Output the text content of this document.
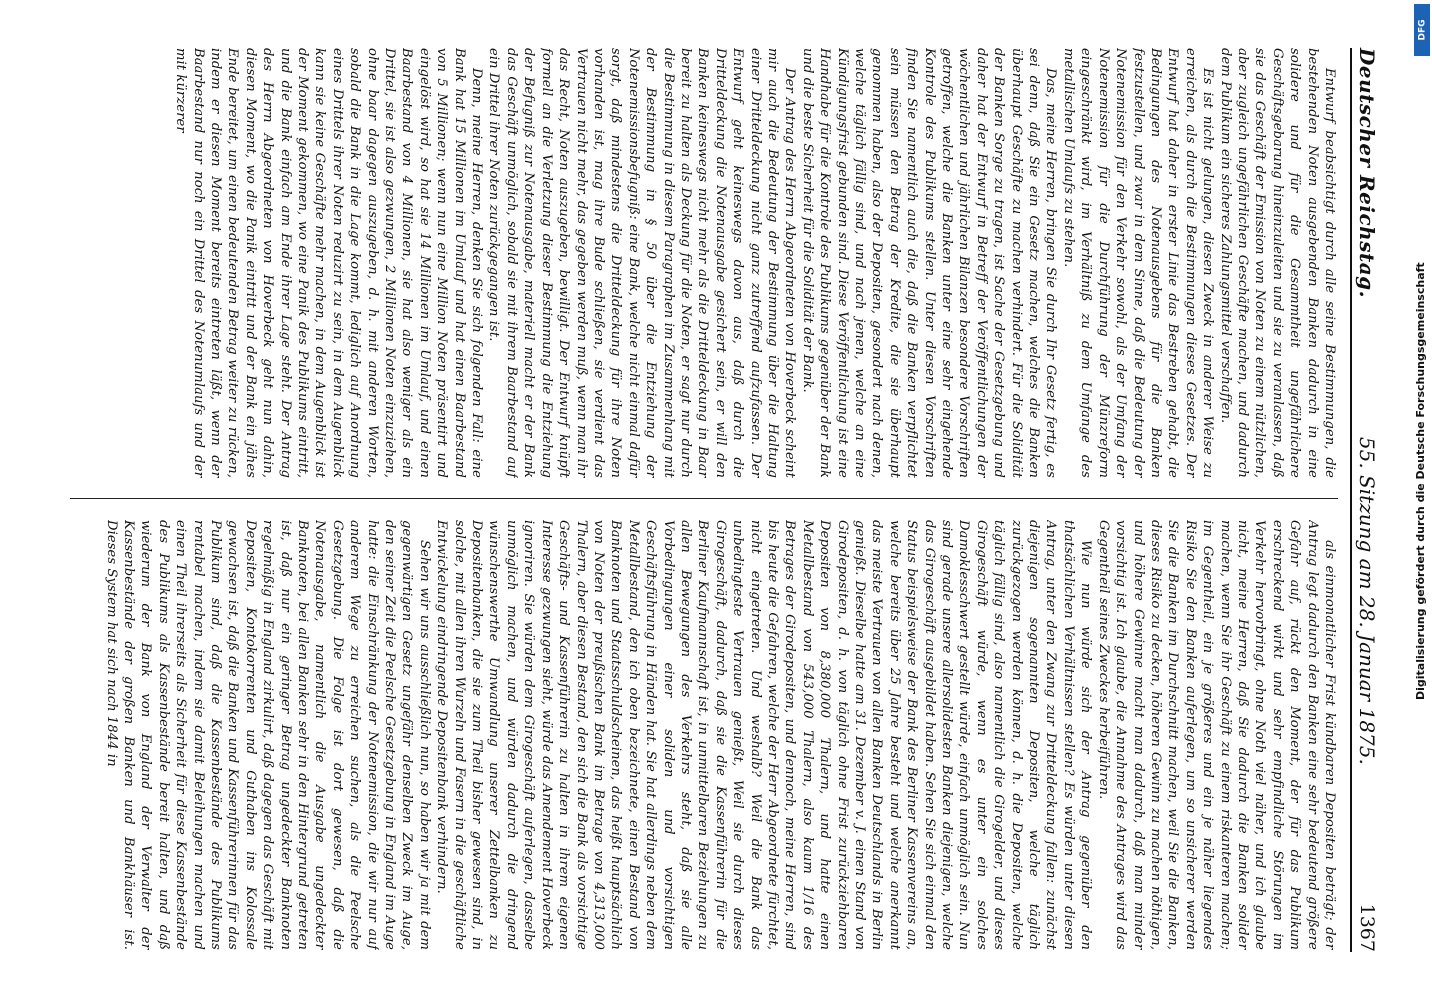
Deutscher Reichstag.
55. Sitzung am 28. Januar 1875.
1367

Entwurf beabsichtigt durch alle seine Bestimmungen, die bestehenden Noten ausgebenden Banken dadurch in eine solidere und für die Gesammtheit ungefährlichere Geschäftsgebarung hineinzuleiten und sie zu veranlassen, daß sie das Geschäft der Emission von Noten zu einem nützlichen, aber zugleich ungefährlichen Geschäfte machen, und dadurch dem Publikum ein sicheres Zahlungsmittel verschaffen.

Es ist nicht gelungen, diesen Zweck in anderer Weise zu erreichen, als durch die Bestimmungen dieses Gesetzes. Der Entwurf hat daher in erster Linie das Bestreben gehabt, die Bedingungen des Notenausgebens für die Banken festzustellen, und zwar in dem Sinne, daß die Bedeutung der Notenemission für den Verkehr sowohl, als der Umfang der Notenemission für die Durchführung der Münzreform eingeschränkt wird, im Verhältniß zu dem Umfange des metallischen Umlaufs zu stehen.

Das, meine Herren, bringen Sie durch Ihr Gesetz fertig, es sei denn, daß Sie ein Gesetz machen, welches die Banken überhaupt Geschäfte zu machen verhindert. Für die Solidität der Banken Sorge zu tragen, ist Sache der Gesetzgebung und daher hat der Entwurf in Betreff der Veröffentlichungen der wöchentlichen und jährlichen Bilanzen besondere Vorschriften getroffen, welche die Banken unter eine sehr eingehende Kontrole des Publikums stellen. Unter diesen Vorschriften finden Sie namentlich auch die, daß die Banken verpflichtet sein müssen den Betrag der Kredite, die sie überhaupt genommen haben, also der Depositen, gesondert nach denen, welche täglich fällig sind, und nach jenen, welche an eine Kündigungsfrist gebunden sind. Diese Veröffentlichung ist eine Handhabe für die Kontrole des Publikums gegenüber der Bank und die beste Sicherheit für die Solidität der Bank.

Der Antrag des Herrn Abgeordneten von Hoverbeck scheint mir auch die Bedeutung der Bestimmung über die Haltung einer Dritteldeckung nicht ganz zutreffend aufzufassen. Der Entwurf geht keineswegs davon aus, daß durch die Dritteldeckung die Notenausgabe gesichert sein, er will den Banken keineswegs nicht mehr als die Dritteldeckung in Baar bereit zu halten als Deckung für die Noten, er sagt nur durch die Bestimmung in diesem Paragraphen im Zusammenhang mit der Bestimmung in § 50 über die Entziehung der Notenemissionsbefugniß: eine Bank, welche nicht einmal dafür sorgt, daß mindestens die Dritteldeckung für ihre Noten vorhanden ist, mag ihre Bude schließen, sie verdient das Vertrauen nicht mehr, das gegeben werden muß, wenn man ihr das Recht, Noten auszugeben, bewilligt. Der Entwurf knüpft formell an die Verletzung dieser Bestimmung die Entziehung der Befugniß zur Notenausgabe, materiell macht er der Bank das Geschäft unmöglich, sobald sie mit ihrem Baarbestand auf ein Drittel ihrer Noten zurückgegangen ist.

Denn, meine Herren, denken Sie sich folgenden Fall: eine Bank hat 15 Millionen im Umlauf und hat einen Baarbestand von 5 Millionen; wenn nun eine Million Noten präsentirt und eingelöst wird, so hat sie 14 Millionen im Umlauf, und einen Baarbestand von 4 Millionen, sie hat also weniger als ein Drittel, sie ist also gezwungen, 2 Millionen Noten einzuziehen, ohne baar dagegen auszugeben, d. h. mit anderen Worten, sobald die Bank in die Lage kommt, lediglich auf Anordnung eines Drittels ihrer Noten reduzirt zu sein, in dem Augenblick kann sie keine Geschäfte mehr machen, in dem Augenblick ist der Moment gekommen, wo eine Panik des Publikums eintritt, und die Bank einfach am Ende ihrer Lage steht. Der Antrag des Herrn Abgeordneten von Hoverbeck geht nun dahin, diesen Moment, wo die Panik eintritt und der Bank ein jähes Ende bereitet, um einen bedeutenden Betrag weiter zu rücken, indem er diesen Moment bereits eintreten läßt, wenn der Baarbestand nur noch ein Drittel des Notenumlaufs und der mit kürzerer

als einmonatlicher Frist kündbaren Depositen beträgt; der Antrag legt dadurch den Banken eine sehr bedeutend größere Gefahr auf, rückt den Moment, der für das Publikum erschreckend wirkt und sehr empfindliche Störungen im Verkehr hervorbringt, ohne Noth viel näher, und ich glaube nicht, meine Herren, daß Sie dadurch die Banken solider machen, wenn Sie ihr Geschäft zu einem riskanteren machen; im Gegentheil, ein je größeres und ein je näher liegendes Risiko Sie den Banken auferlegen, um so unsicherer werden Sie die Banken im Durchschnitt machen, weil Sie die Banken, dieses Risiko zu decken, höheren Gewinn zu machen nöthigen, und höhere Gewinne macht man dadurch, daß man minder vorsichtig ist. Ich glaube, die Annahme des Antrages wird das Gegentheil seines Zweckes herbeiführen.

Wie nun würde sich der Antrag gegenüber den thatsächlichen Verhältnissen stellen? Es würden unter diesen Antrag, unter den Zwang zur Dritteldeckung fallen: zunächst diejenigen sogenannten Depositen, welche täglich zurückgezogen werden können, d. h. die Depositen, welche täglich fällig sind, also namentlich die Girogelder, und dieses Girogeschäft würde, wenn es unter ein solches Damoklesschwert gestellt würde, einfach unmöglich sein. Nun sind gerade unsere allersolidesten Banken diejenigen, welche das Girogeschäft ausgebildet haben. Sehen Sie sich einmal den Status beispielsweise der Bank des Berliner Kassenvereins an, welche bereits über 25 Jahre besteht und welche anerkannt das meiste Vertrauen von allen Banken Deutschlands in Berlin genießt. Dieselbe hatte am 31. Dezember v. J. einen Stand von Girodepositen, d. h. von täglich ohne Frist zurückziehbaren Depositen von 8,380,000 Thalern, und hatte einen Metallbestand von 543,000 Thalern, also kaum 1/16 des Betrages der Girodepositen, und dennoch, meine Herren, sind bis heute die Gefahren, welche der Herr Abgeordnete fürchtet, nicht eingetreten. Und weshalb? Weil die Bank das unbedingteste Vertrauen genießt, Weil sie durch dieses Girogeschäft, dadurch, daß sie die Kassenführerin für die Berliner Kaufmannschaft ist, in unmittelbaren Beziehungen zu allen Bewegungen des Verkehrs steht, daß sie alle Vorbedingungen einer soliden und vorsichtigen Geschäftsführung in Händen hat. Sie hat allerdings neben dem Metallbestand, den ich oben bezeichnete, einen Bestand von Banknoten und Staatsschuldscheinen, das heißt hauptsächlich von Noten der preußischen Bank im Betrage von 4,313,000 Thalern, aber diesen Bestand, den sich die Bank als vorsichtige Geschäfts- und Kassenführerin zu halten in ihrem eigenen Interesse gezwungen sieht, würde das Amendement Hoverbeck ignoriren. Sie würden dem Girogeschäft auferlegen, dasselbe unmöglich machen, und würden dadurch die dringend wünschenswerthe Umwandlung unserer Zettelbanken zu Depositenbanken, die sie zum Theil bisher gewesen sind, in solche, mit allen ihren Wurzeln und Fasern in die geschäftliche Entwickelung eindringende Depositenbank verhindern.

Sehen wir uns ausschließlich nun, so haben wir ja mit dem gegenwärtigen Gesetz ungefähr denselben Zweck im Auge, den seiner Zeit die Peelsche Gesetzgebung in England im Auge hatte: die Einschränkung der Notenemission, die wir nur auf anderem Wege zu erreichen suchen, als die Peelsche Gesetzgebung. Die Folge ist dort gewesen, daß die Notenausgabe, namentlich die Ausgabe ungedeckter Banknoten, bei allen Banken sehr in den Hintergrund getreten ist, daß nur ein geringer Betrag ungedeckter Banknoten regelmäßig in England zirkulirt, daß dagegen das Geschäft mit Depositen, Kontokorrenten und Guthaben ins Kolossale gewachsen ist, daß die Banken und Kassenführerinnen für das Publikum sind, daß die Kassenbestände des Publikums rentabel machen, indem sie damit Beleihungen machen und einen Theil ihrerseits als Sicherheit für diese Kassenbestände des Publikums als Kassenbestände bereit halten, und daß wiederum der Bank von England der Verwalter der Kassenbestände der großen Banken und Bankhäuser ist. Dieses System hat sich nach 1844 in

DFG
Digitalisierung gefördert durch die Deutsche Forschungsgemeinschaft
